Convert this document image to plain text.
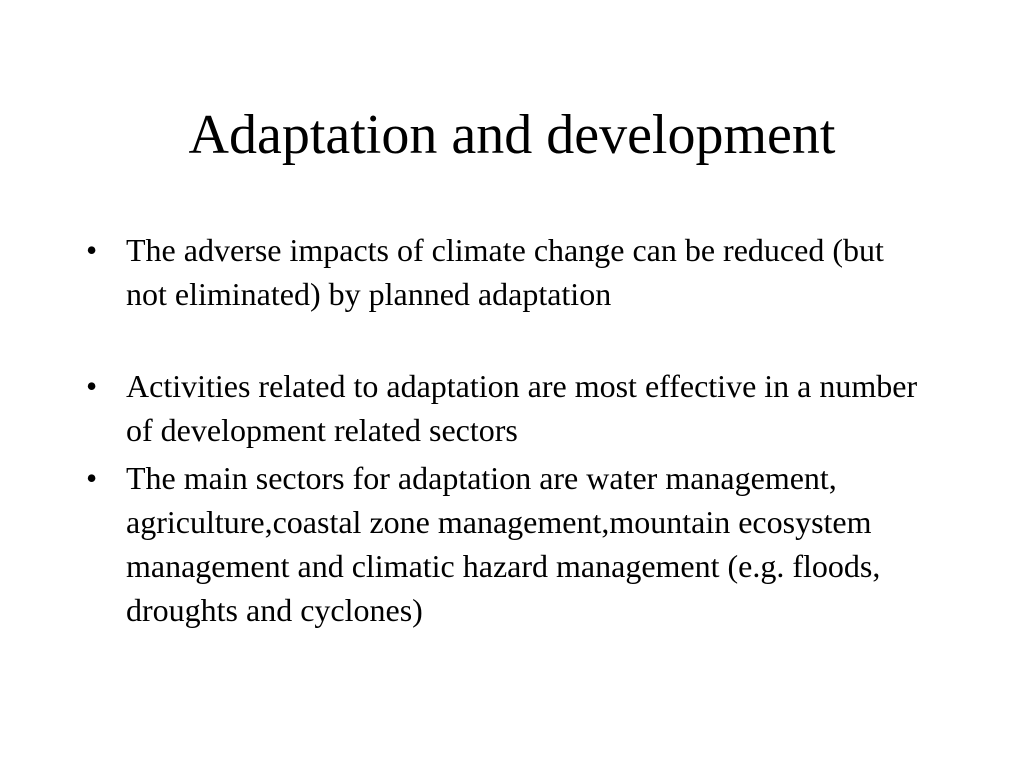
Adaptation and development
• The adverse impacts of climate change can be reduced (but not eliminated) by planned adaptation
• Activities related to adaptation are most effective in a number of development related sectors
• The main sectors for adaptation are water management, agriculture,coastal zone management,mountain ecosystem management and climatic hazard management (e.g. floods, droughts and cyclones)
